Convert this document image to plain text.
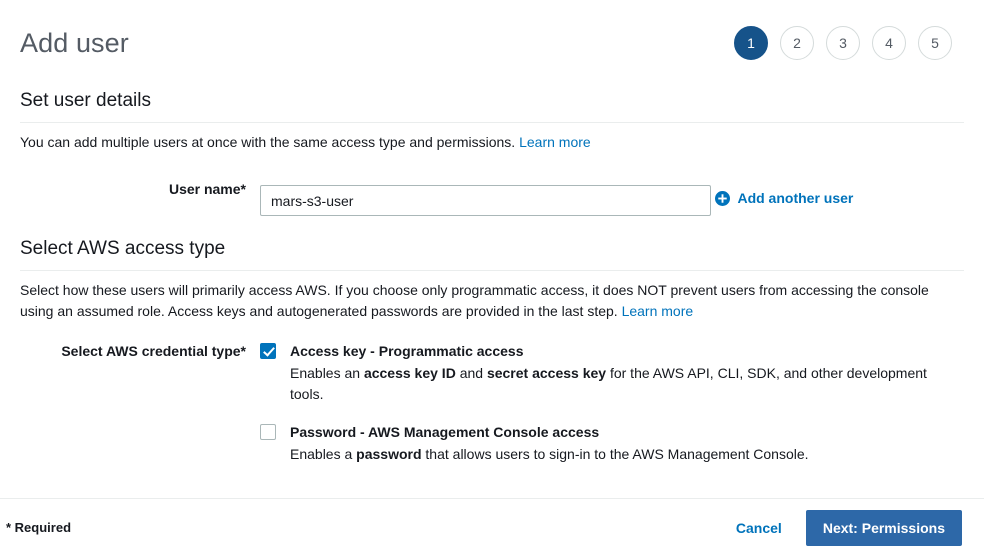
Add user	1	2	3	4	5
Set user details
You can add multiple users at once with the same access type and permissions. Learn more
User name*
mars-s3-user
Add another user
Select AWS access type
Select how these users will primarily access AWS. If you choose only programmatic access, it does NOT prevent users from accessing the console using an assumed role. Access keys and autogenerated passwords are provided in the last step. Learn more
Select AWS credential type*	Access key - Programmatic access
Enables an access key ID and secret access key for the AWS API, CLI, SDK, and other development tools.
Password - AWS Management Console access
Enables a password that allows users to sign-in to the AWS Management Console.
* Required	Cancel	Next: Permissions
